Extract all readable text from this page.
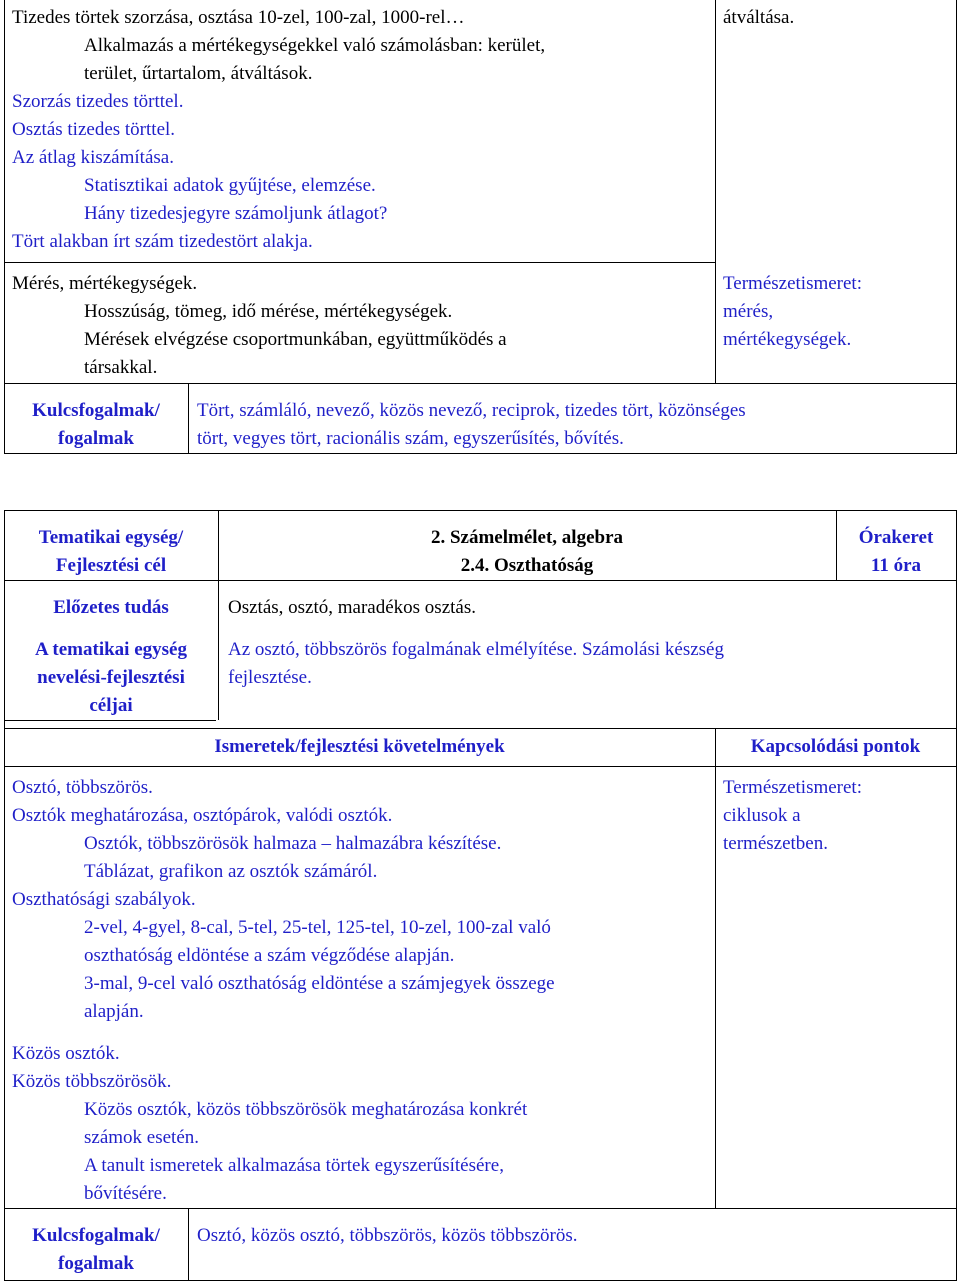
Tizedes törtek szorzása, osztása 10-zel, 100-zal, 1000-rel…
Alkalmazás a mértékegységekkel való számolásban: kerület,
terület, űrtartalom, átváltások.
Szorzás tizedes törttel.
Osztás tizedes törttel.
Az átlag kiszámítása.
Statisztikai adatok gyűjtése, elemzése.
Hány tizedesjegyre számoljunk átlagot?
Tört alakban írt szám tizedestört alakja.
átváltása.
Mérés, mértékegységek.
Hosszúság, tömeg, idő mérése, mértékegységek.
Mérések elvégzése csoportmunkában, együttműködés a
társakkal.
Természetismeret:
mérés,
mértékegységek.
Kulcsfogalmak/
fogalmak
Tört, számláló, nevező, közös nevező, reciprok, tizedes tört, közönséges
tört, vegyes tört, racionális szám, egyszerűsítés, bővítés.
Tematikai egység/
Fejlesztési cél
2. Számelmélet, algebra
2.4. Oszthatóság
Órakeret
11 óra
Előzetes tudás	Osztás, osztó, maradékos osztás.
A tematikai egység
nevelési-fejlesztési
céljai
Az osztó, többszörös fogalmának elmélyítése. Számolási készség
fejlesztése.
Ismeretek/fejlesztési követelmények	Kapcsolódási pontok
Osztó, többszörös.
Osztók meghatározása, osztópárok, valódi osztók.
Osztók, többszörösök halmaza – halmazábra készítése.
Táblázat, grafikon az osztók számáról.
Oszthatósági szabályok.
2-vel, 4-gyel, 8-cal, 5-tel, 25-tel, 125-tel, 10-zel, 100-zal való
oszthatóság eldöntése a szám végződése alapján.
3-mal, 9-cel való oszthatóság eldöntése a számjegyek összege
alapján.
Közös osztók.
Közös többszörösök.
Közös osztók, közös többszörösök meghatározása konkrét
számok esetén.
A tanult ismeretek alkalmazása törtek egyszerűsítésére,
bővítésére.
Természetismeret:
ciklusok a
természetben.
Kulcsfogalmak/
fogalmak
Osztó, közös osztó, többszörös, közös többszörös.
